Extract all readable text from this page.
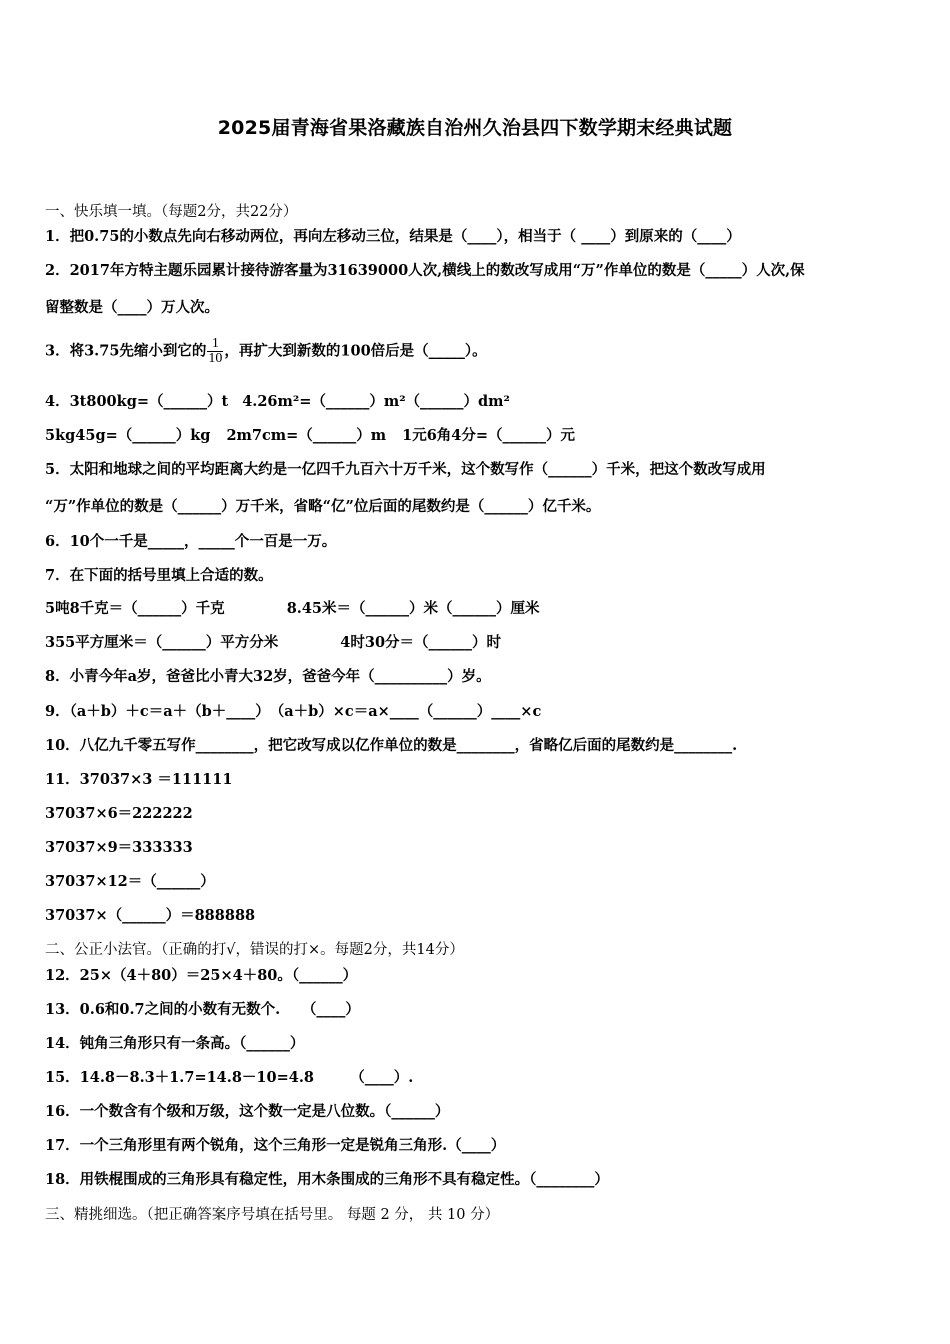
2025届青海省果洛藏族自治州久治县四下数学期末经典试题
一、快乐填一填。（每题2分，共22分）
1．把0.75的小数点先向右移动两位，再向左移动三位，结果是（____），相当于（ ____）到原来的（____）
2．2017年方特主题乐园累计接待游客量为31639000人次,横线上的数改写成用“万”作单位的数是（_____）人次,保
留整数是（____）万人次。
3．将3.75先缩小到它的 $\frac{1}{10}$ ，再扩大到新数的100倍后是（_____）。
4．3t800kg=（______）t 4.26m²=（______）m²（______）dm²
5kg45g=（______）kg 2m7cm=（______）m 1元6角4分=（______）元
5．太阳和地球之间的平均距离大约是一亿四千九百六十万千米，这个数写作（______）千米，把这个数改写成用
“万”作单位的数是（______）万千米，省略“亿”位后面的尾数约是（______）亿千米。
6．10个一千是_____，_____个一百是一万。
7．在下面的括号里填上合适的数。
5吨8千克＝（______）千克	8.45米＝（______）米（______）厘米
355平方厘米＝（______）平方分米	4时30分＝（______）时
8．小青今年a岁，爸爸比小青大32岁，爸爸今年（__________）岁。
9．（a＋b）＋c＝a＋（b＋____）　（a＋b）×c＝a×____（______）____×c
10．八亿九千零五写作________，把它改写成以亿作单位的数是________，省略亿后面的尾数约是________.
11．37037×3 ＝111111
37037×6＝222222
37037×9＝333333
37037×12＝（______）
37037×（______）＝888888
二、公正小法官。（正确的打√，错误的打×。每题2分，共14分）
12．25×（4＋80）＝25×4＋80。（______）
13．0.6和0.7之间的小数有无数个.　　（____）
14．钝角三角形只有一条高。（______）
15．14.8－8.3＋1.7=14.8－10=4.8　　　（____）.
16．一个数含有个级和万级，这个数一定是八位数。（______）
17．一个三角形里有两个锐角，这个三角形一定是锐角三角形.（____）
18．用铁棍围成的三角形具有稳定性，用木条围成的三角形不具有稳定性。（________）
三、精挑细选。（把正确答案序号填在括号里。 每题 2 分， 共 10 分）
